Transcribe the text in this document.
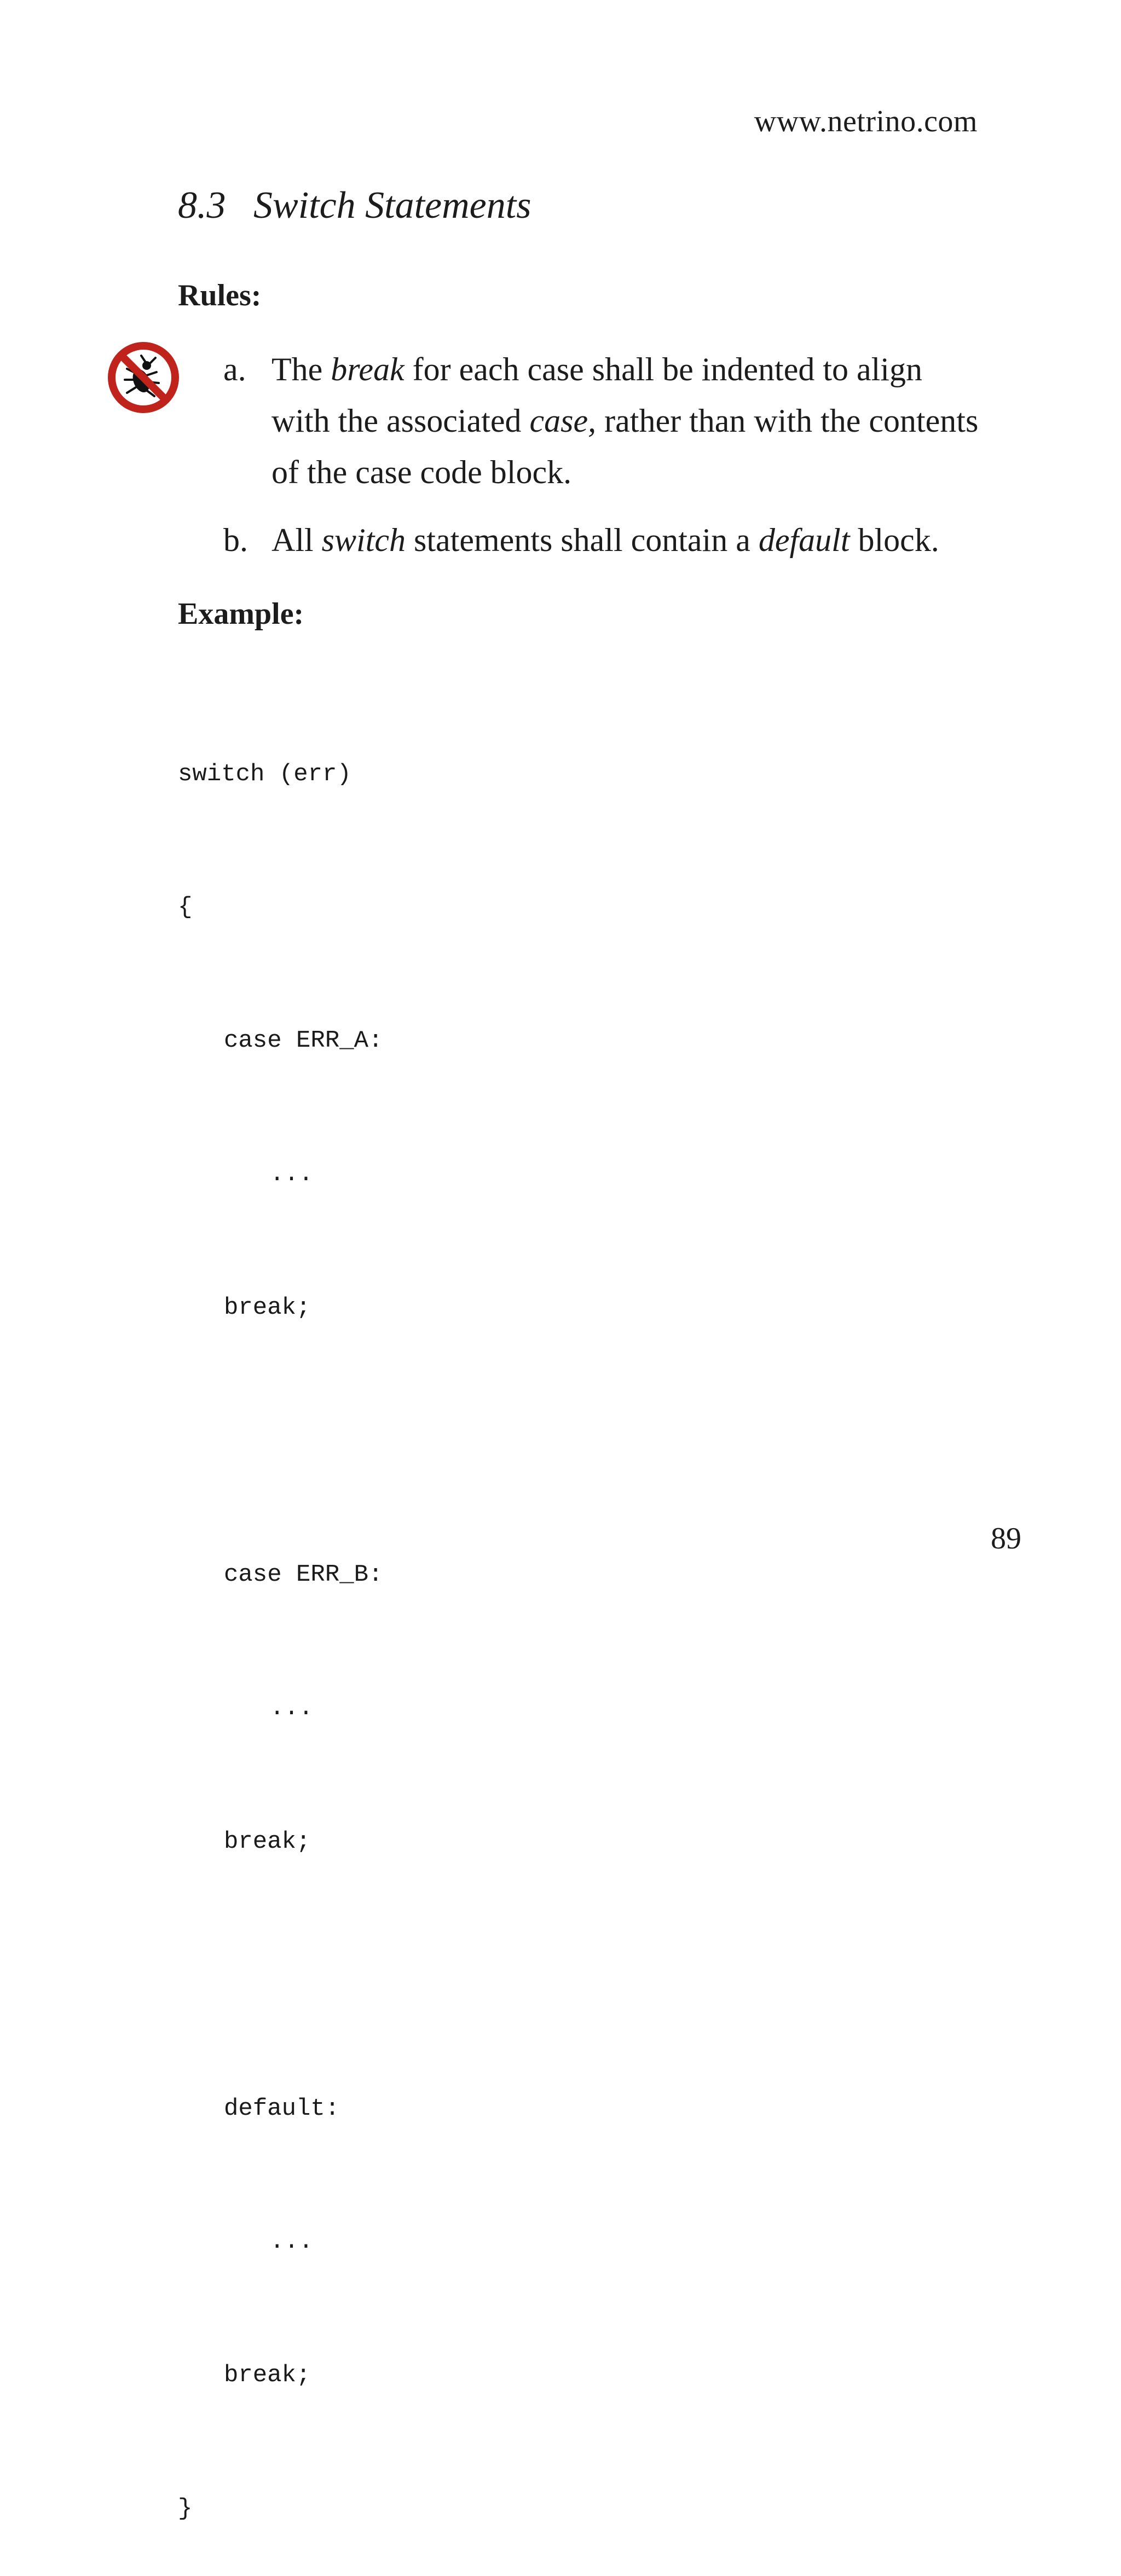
www.netrino.com
8.3 Switch Statements
Rules:
a. The break for each case shall be indented to align with the associated case, rather than with the contents of the case code block.
b. All switch statements shall contain a default block.
Example:

switch (err)

{

case ERR_A:

...

break;

case ERR_B:

...

break;

default:

...

break;

}

89
